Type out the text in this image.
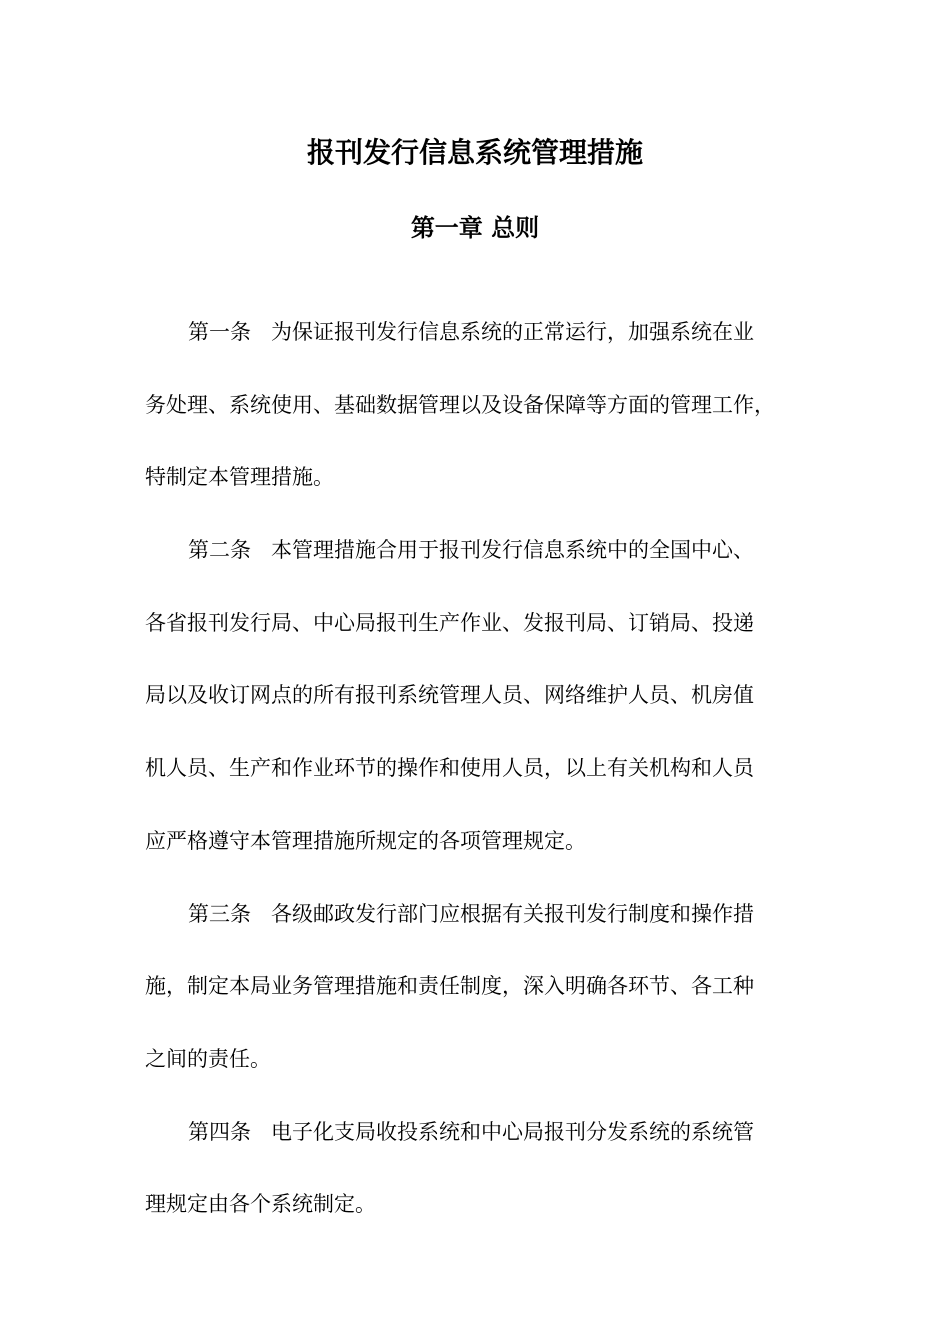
报刊发行信息系统管理措施
第一章 总则
第一条 为保证报刊发行信息系统的正常运行，加强系统在业
务处理、系统使用、基础数据管理以及设备保障等方面的管理工作，
特制定本管理措施。
第二条 本管理措施合用于报刊发行信息系统中的全国中心、
各省报刊发行局、中心局报刊生产作业、发报刊局、订销局、投递
局以及收订网点的所有报刊系统管理人员、网络维护人员、机房值
机人员、生产和作业环节的操作和使用人员，以上有关机构和人员
应严格遵守本管理措施所规定的各项管理规定。
第三条 各级邮政发行部门应根据有关报刊发行制度和操作措
施，制定本局业务管理措施和责任制度，深入明确各环节、各工种
之间的责任。
第四条 电子化支局收投系统和中心局报刊分发系统的系统管
理规定由各个系统制定。
